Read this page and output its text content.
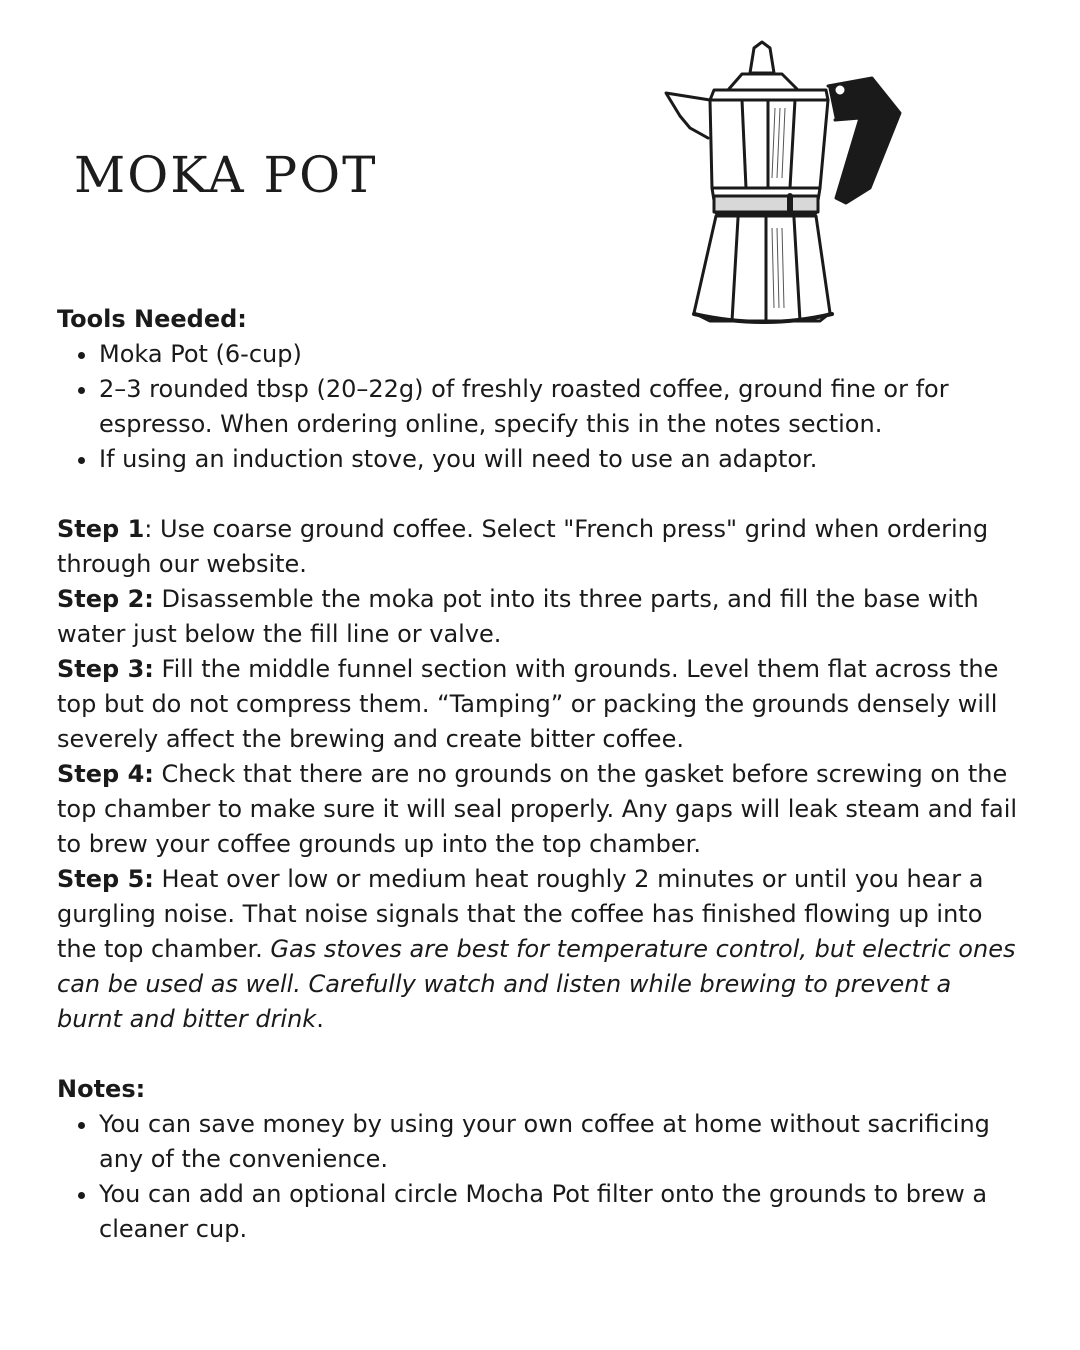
MOKA POT

Tools Needed:

• Moka Pot (6-cup)
• 2–3 rounded tbsp (20–22g) of freshly roasted coffee, ground fine or for espresso. When ordering online, specify this in the notes section.
• If using an induction stove, you will need to use an adaptor.

Step 1: Use coarse ground coffee. Select "French press" grind when ordering through our website.

Step 2: Disassemble the moka pot into its three parts, and fill the base with water just below the fill line or valve.

Step 3: Fill the middle funnel section with grounds. Level them flat across the top but do not compress them. “Tamping” or packing the grounds densely will severely affect the brewing and create bitter coffee.

Step 4: Check that there are no grounds on the gasket before screwing on the top chamber to make sure it will seal properly. Any gaps will leak steam and fail to brew your coffee grounds up into the top chamber.

Step 5: Heat over low or medium heat roughly 2 minutes or until you hear a gurgling noise. That noise signals that the coffee has finished flowing up into the top chamber. Gas stoves are best for temperature control, but electric ones can be used as well. Carefully watch and listen while brewing to prevent a burnt and bitter drink.

Notes:

• You can save money by using your own coffee at home without sacrificing any of the convenience.
• You can add an optional circle Mocha Pot filter onto the grounds to brew a cleaner cup.
